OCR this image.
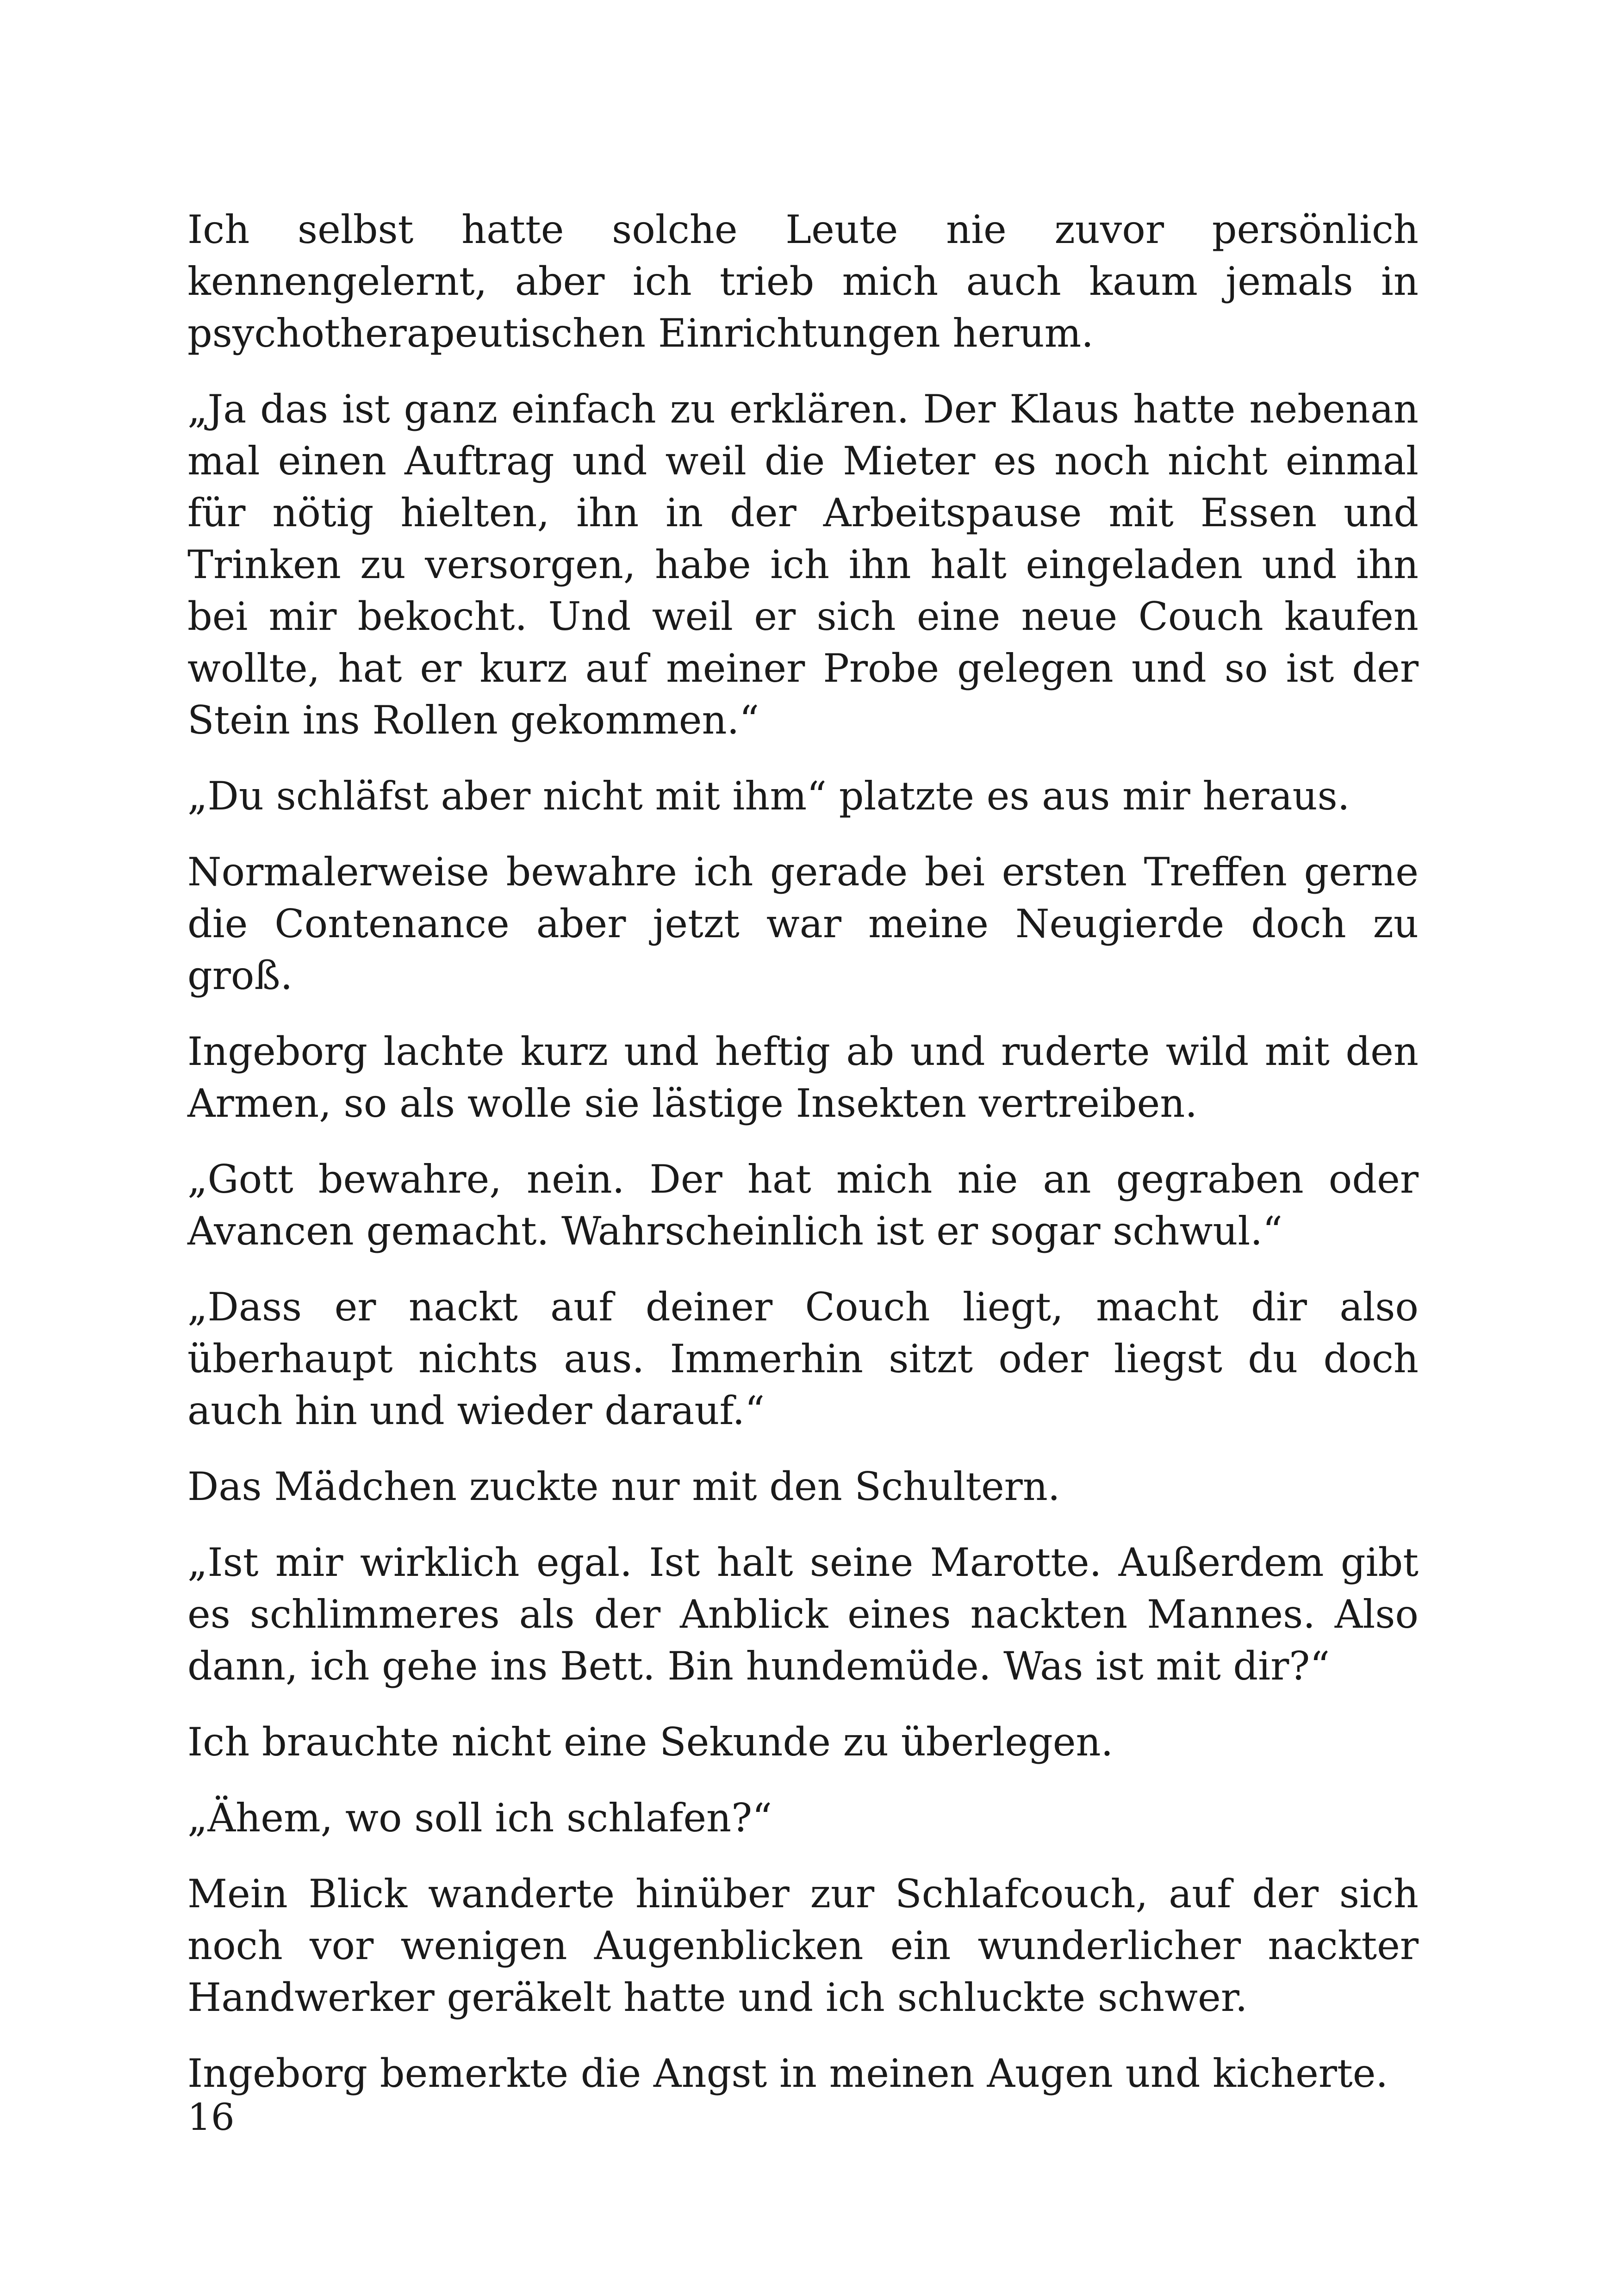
Ich selbst hatte solche Leute nie zuvor persönlich kennengelernt, aber ich trieb mich auch kaum jemals in psychotherapeutischen Einrichtungen herum.

„Ja das ist ganz einfach zu erklären. Der Klaus hatte nebenan mal einen Auftrag und weil die Mieter es noch nicht einmal für nötig hielten, ihn in der Arbeitspause mit Essen und Trinken zu versorgen, habe ich ihn halt eingeladen und ihn bei mir bekocht. Und weil er sich eine neue Couch kaufen wollte, hat er kurz auf meiner Probe gelegen und so ist der Stein ins Rollen gekommen.“

„Du schläfst aber nicht mit ihm“ platzte es aus mir heraus.

Normalerweise bewahre ich gerade bei ersten Treffen gerne die Contenance aber jetzt war meine Neugierde doch zu groß.

Ingeborg lachte kurz und heftig ab und ruderte wild mit den Armen, so als wolle sie lästige Insekten vertreiben.

„Gott bewahre, nein. Der hat mich nie an gegraben oder Avancen gemacht. Wahrscheinlich ist er sogar schwul.“

„Dass er nackt auf deiner Couch liegt, macht dir also überhaupt nichts aus. Immerhin sitzt oder liegst du doch auch hin und wieder darauf.“

Das Mädchen zuckte nur mit den Schultern.

„Ist mir wirklich egal. Ist halt seine Marotte. Außerdem gibt es schlimmeres als der Anblick eines nackten Mannes. Also dann, ich gehe ins Bett. Bin hundemüde. Was ist mit dir?“

Ich brauchte nicht eine Sekunde zu überlegen.

„Ähem, wo soll ich schlafen?“

Mein Blick wanderte hinüber zur Schlafcouch, auf der sich noch vor wenigen Augenblicken ein wunderlicher nackter Handwerker geräkelt hatte und ich schluckte schwer.

Ingeborg bemerkte die Angst in meinen Augen und kicherte.

16
